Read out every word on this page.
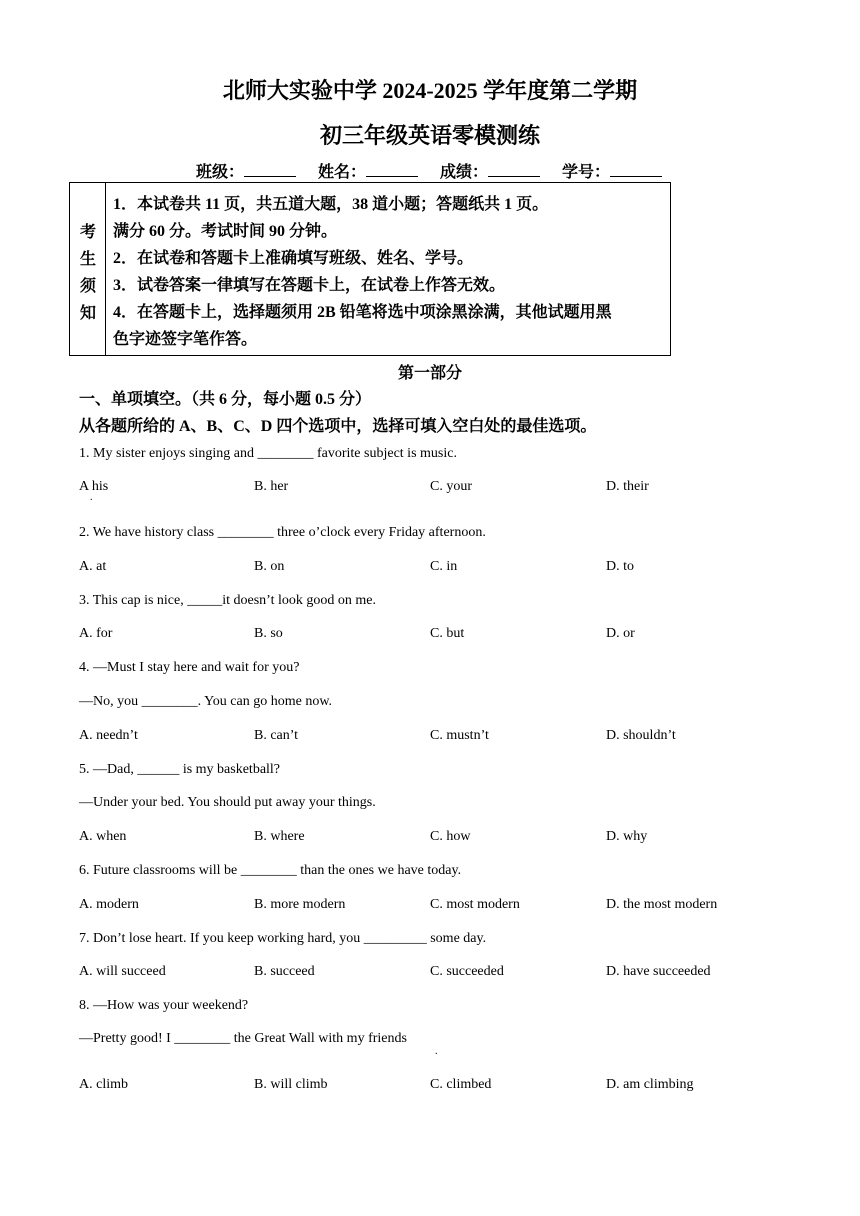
北师大实验中学 2024-2025 学年度第二学期
初三年级英语零模测练
班级：	姓名：	成绩：	学号：
考
生
须
知
1．本试卷共 11 页，共五道大题，38 道小题；答题纸共 1 页。
满分 60 分。考试时间 90 分钟。
2．在试卷和答题卡上准确填写班级、姓名、学号。
3．试卷答案一律填写在答题卡上，在试卷上作答无效。
4．在答题卡上，选择题须用 2B 铅笔将选中项涂黑涂满，其他试题用黑
色字迹签字笔作答。
第一部分
一、单项填空。（共 6 分，每小题 0.5 分）
从各题所给的 A、B、C、D 四个选项中，选择可填入空白处的最佳选项。
1. My sister enjoys singing and ________ favorite subject is music.
A his	B. her	C. your	D. their
.
2. We have history class ________ three o’clock every Friday afternoon.
A. at	B. on	C. in	D. to
3. This cap is nice, _____it doesn’t look good on me.
A. for	B. so	C. but	D. or
4. —Must I stay here and wait for you?
—No, you ________. You can go home now.
A. needn’t	B. can’t	C. mustn’t	D. shouldn’t
5. —Dad, ______ is my basketball?
—Under your bed. You should put away your things.
A. when	B. where	C. how	D. why
6. Future classrooms will be ________ than the ones we have today.
A. modern	B. more modern	C. most modern	D. the most modern
7. Don’t lose heart. If you keep working hard, you _________ some day.
A. will succeed	B. succeed	C. succeeded	D. have succeeded
8. —How was your weekend?
—Pretty good! I ________ the Great Wall with my friends
.
A. climb	B. will climb	C. climbed	D. am climbing
